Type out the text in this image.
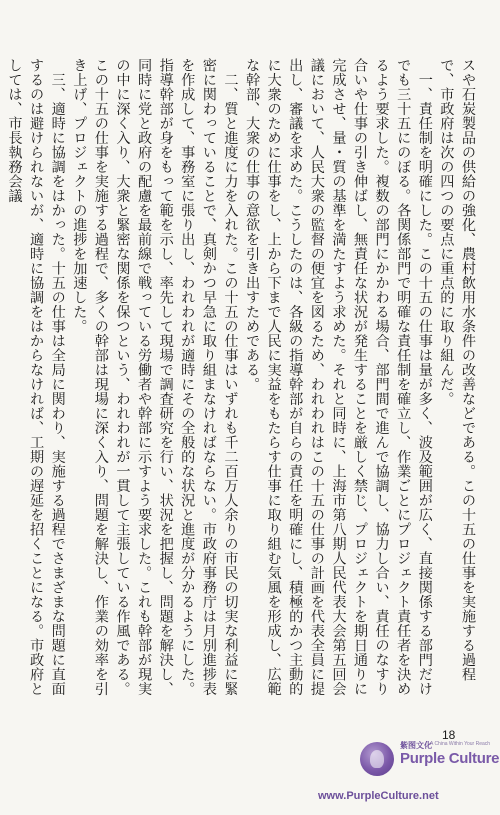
スや石炭製品の供給の強化、農村飲用水条件の改善などである。この十五の仕事を実施する過程で、市政府は次の四つの要点に重点的に取り組んだ。

　一、責任制を明確にした。この十五の仕事は量が多く、波及範囲が広く、直接関係する部門だけでも三十五にのぼる。各関係部門で明確な責任制を確立し、作業ごとにプロジェクト責任者を決めるよう要求した。複数の部門にかかわる場合、部門間で進んで協調し、協力し合い、責任のなすり合いや仕事の引き伸ばし、無責任な状況が発生することを厳しく禁じ、プロジェクトを期日通りに完成させ、量・質の基準を満たすよう求めた。それと同時に、上海市第八期人民代表大会第五回会議において、人民大衆の監督の便宜を図るため、われわれはこの十五の仕事の計画を代表全員に提出し、審議を求めた。こうしたのは、各級の指導幹部が自らの責任を明確にし、積極的かつ主動的に大衆のために仕事をし、上から下まで人民に実益をもたらす仕事に取り組む気風を形成し、広範な幹部、大衆の仕事の意欲を引き出すためである。

　二、質と進度に力を入れた。この十五の仕事はいずれも千二百万人余りの市民の切実な利益に緊密に関わっていることで、真剣かつ早急に取り組まなければならない。市政府事務庁は月別進捗表を作成して、事務室に張り出し、われわれが適時にその全般的な状況と進度が分かるようにした。指導幹部が身をもって範を示し、率先して現場で調査研究を行い、状況を把握し、問題を解決し、同時に党と政府の配慮を最前線で戦っている労働者や幹部に示すよう要求した。これも幹部が現実の中に深く入り、大衆と緊密な関係を保つという、われわれが一貫して主張している作風である。この十五の仕事を実施する過程で、多くの幹部は現場に深く入り、問題を解決し、作業の効率を引き上げ、プロジェクトの進捗を加速した。

　三、適時に協調をはかった。十五の仕事は全局に関わり、実施する過程でさまざまな問題に直面するのは避けられないが、適時に協調をはからなければ、工期の遅延を招くことになる。市政府としては、市長執務会議

18
紫图文化
A China Within Your Reach
Purple Culture
www.PurpleCulture.net
